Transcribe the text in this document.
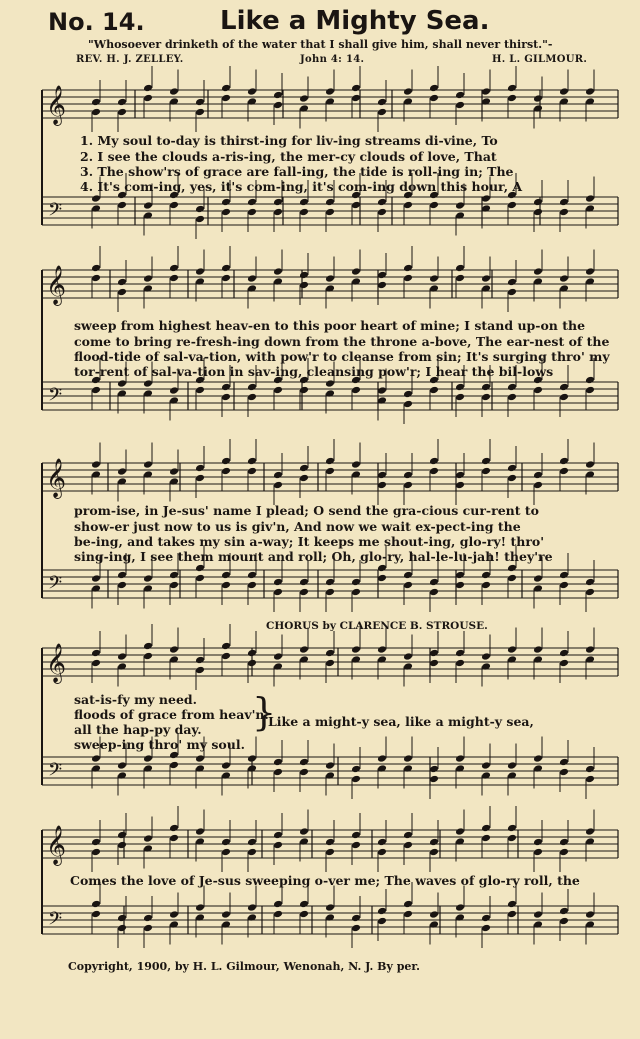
𝄞
𝄢
𝄞
𝄢
𝄞
𝄢
𝄞
𝄢
𝄞
𝄢
No. 14.	Like a Mighty Sea.
"Whosoever drinketh of the water that I shall give him, shall never thirst."-
REV. H. J. ZELLEY.	John 4: 14.	H. L. GILMOUR.
1. My soul to-day is thirst-ing for liv-ing streams di-vine, To
2. I see the clouds a-ris-ing, the mer-cy clouds of love, That
3. The show'rs of grace are fall-ing, the tide is roll-ing in; The
4. It's com-ing, yes, it's com-ing, it's com-ing down this hour, A
sweep from highest heav-en to this poor heart of mine; I stand up-on the
come to bring re-fresh-ing down from the throne a-bove, The ear-nest of the
flood-tide of sal-va-tion, with pow'r to cleanse from sin; It's surging thro' my
tor-rent of sal-va-tion in sav-ing, cleansing pow'r; I hear the bil-lows
prom-ise, in Je-sus' name I plead; O send the gra-cious cur-rent to
show-er just now to us is giv'n, And now we wait ex-pect-ing the
be-ing, and takes my sin a-way; It keeps me shout-ing, glo-ry! thro'
sing-ing, I see them mount and roll; Oh, glo-ry, hal-le-lu-jah! they're
CHORUS by CLARENCE B. STROUSE.
sat-is-fy my need.
floods of grace from heav'n.
all the hap-py day.
sweep-ing thro' my soul.
}
Like a might-y sea, like a might-y sea,
Comes the love of Je-sus sweeping o-ver me; The waves of glo-ry roll, the
Copyright, 1900, by H. L. Gilmour, Wenonah, N. J. By per.
